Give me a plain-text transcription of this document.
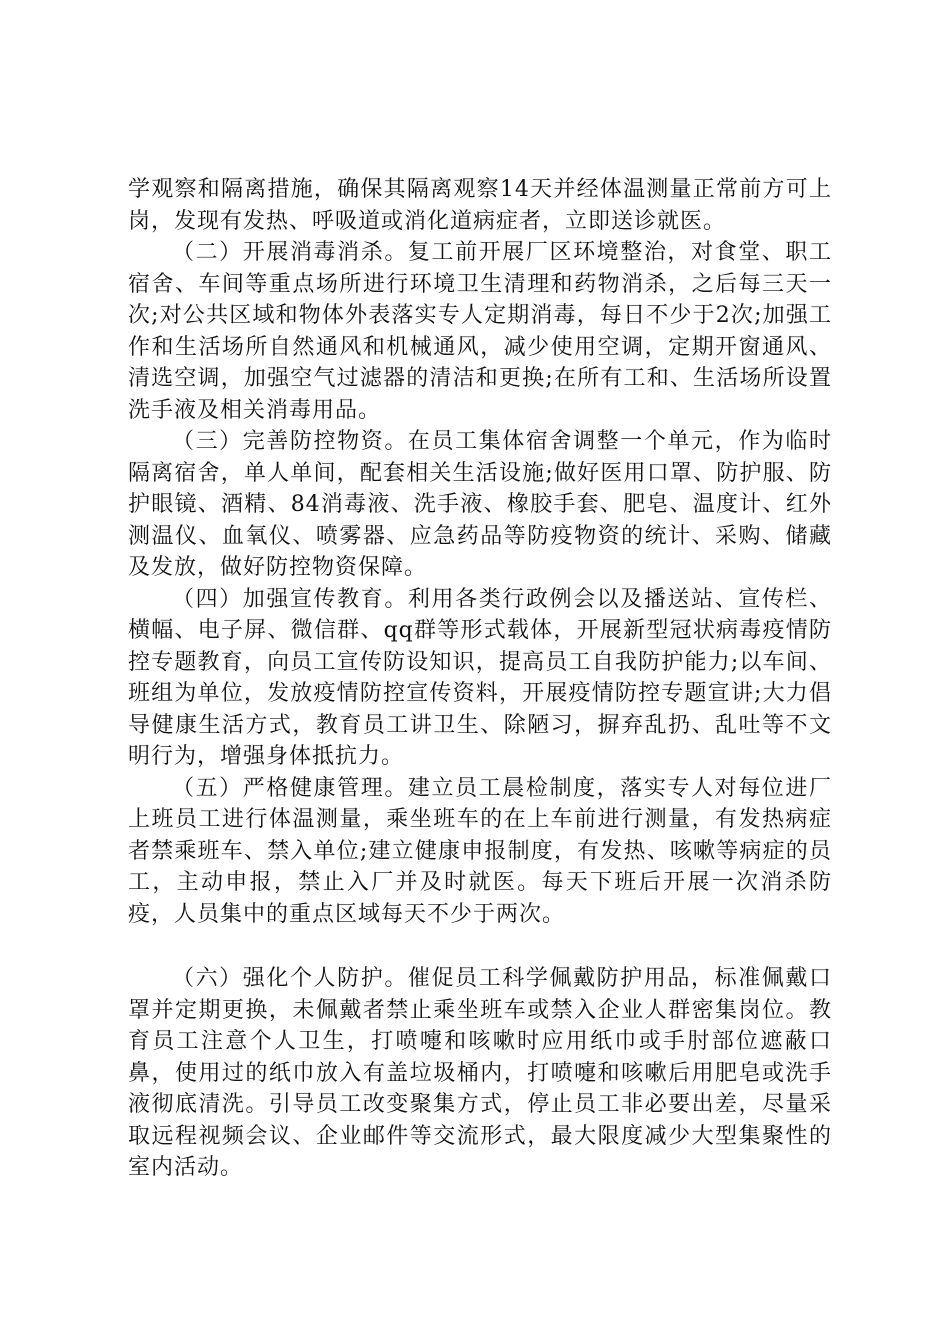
学观察和隔离措施，确保其隔离观察14天并经体温测量正常前方可上岗，发现有发热、呼吸道或消化道病症者，立即送诊就医。

（二）开展消毒消杀。复工前开展厂区环境整治，对食堂、职工宿舍、车间等重点场所进行环境卫生清理和药物消杀，之后每三天一次;对公共区域和物体外表落实专人定期消毒，每日不少于2次;加强工作和生活场所自然通风和机械通风，减少使用空调，定期开窗通风、清选空调，加强空气过滤器的清洁和更换;在所有工和、生活场所设置洗手液及相关消毒用品。

（三）完善防控物资。在员工集体宿舍调整一个单元，作为临时隔离宿舍，单人单间，配套相关生活设施;做好医用口罩、防护服、防护眼镜、酒精、84消毒液、洗手液、橡胶手套、肥皂、温度计、红外测温仪、血氧仪、喷雾器、应急药品等防疫物资的统计、采购、储藏及发放，做好防控物资保障。

（四）加强宣传教育。利用各类行政例会以及播送站、宣传栏、横幅、电子屏、微信群、qq群等形式载体，开展新型冠状病毒疫情防控专题教育，向员工宣传防设知识，提高员工自我防护能力;以车间、班组为单位，发放疫情防控宣传资料，开展疫情防控专题宣讲;大力倡导健康生活方式，教育员工讲卫生、除陋习，摒弃乱扔、乱吐等不文明行为，增强身体抵抗力。

（五）严格健康管理。建立员工晨检制度，落实专人对每位进厂上班员工进行体温测量，乘坐班车的在上车前进行测量，有发热病症者禁乘班车、禁入单位;建立健康申报制度，有发热、咳嗽等病症的员工，主动申报，禁止入厂并及时就医。每天下班后开展一次消杀防疫，人员集中的重点区域每天不少于两次。

（六）强化个人防护。催促员工科学佩戴防护用品，标准佩戴口罩并定期更换，未佩戴者禁止乘坐班车或禁入企业人群密集岗位。教育员工注意个人卫生，打喷嚏和咳嗽时应用纸巾或手肘部位遮蔽口鼻，使用过的纸巾放入有盖垃圾桶内，打喷嚏和咳嗽后用肥皂或洗手液彻底清洗。引导员工改变聚集方式，停止员工非必要出差，尽量采取远程视频会议、企业邮件等交流形式，最大限度减少大型集聚性的室内活动。
